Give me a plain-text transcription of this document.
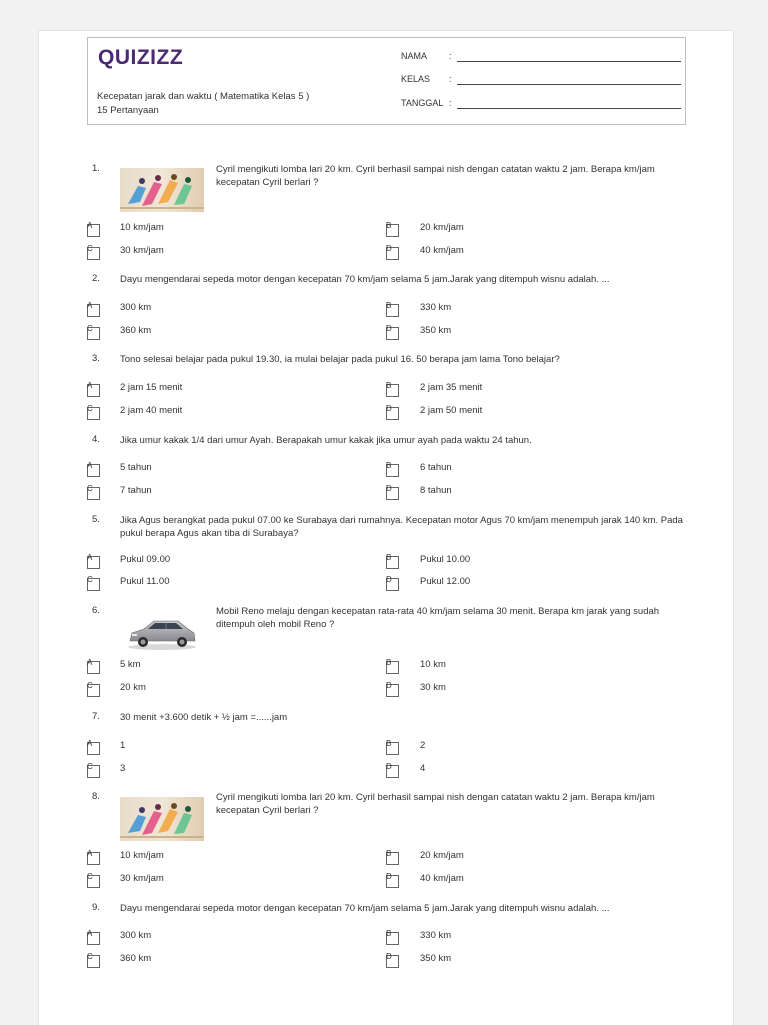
QUIZIZZ
Kecepatan jarak dan waktu ( Matematika Kelas 5 )
15 Pertanyaan
NAMA :
KELAS :
TANGGAL :
1.	Cyril mengikuti lomba lari 20 km. Cyril berhasil sampai nish dengan catatan waktu 2 jam. Berapa km/jam kecepatan Cyril berlari ?
A	10 km/jam	B	20 km/jam
C	30 km/jam	D	40 km/jam
2. Dayu mengendarai sepeda motor dengan kecepatan 70 km/jam selama 5 jam.Jarak yang ditempuh wisnu adalah. ...
A	300 km	B	330 km
C	360 km	D	350 km
3. Tono selesai belajar pada pukul 19.30, ia mulai belajar pada pukul 16. 50 berapa jam lama Tono belajar?
A	2 jam 15 menit	B	2 jam 35 menit
C	2 jam 40 menit	D	2 jam 50 menit
4. Jika umur kakak 1/4 dari umur Ayah. Berapakah umur kakak jika umur ayah pada waktu 24 tahun.
A	5 tahun	B	6 tahun
C	7 tahun	D	8 tahun
5. Jika Agus berangkat pada pukul 07.00 ke Surabaya dari rumahnya. Kecepatan motor Agus 70 km/jam menempuh jarak 140 km. Pada pukul berapa Agus akan tiba di Surabaya?
A	Pukul 09.00	B	Pukul 10.00
C	Pukul 11.00	D	Pukul 12.00
6.	Mobil Reno melaju dengan kecepatan rata-rata 40 km/jam selama 30 menit. Berapa km jarak yang sudah ditempuh oleh mobil Reno ?
A	5 km	B	10 km
C	20 km	D	30 km
7. 30 menit +3.600 detik + ½ jam =......jam
A	1	B	2
C	3	D	4
8.	Cyril mengikuti lomba lari 20 km. Cyril berhasil sampai nish dengan catatan waktu 2 jam. Berapa km/jam kecepatan Cyril berlari ?
A	10 km/jam	B	20 km/jam
C	30 km/jam	D	40 km/jam
9. Dayu mengendarai sepeda motor dengan kecepatan 70 km/jam selama 5 jam.Jarak yang ditempuh wisnu adalah. ...
A	300 km	B	330 km
C	360 km	D	350 km
